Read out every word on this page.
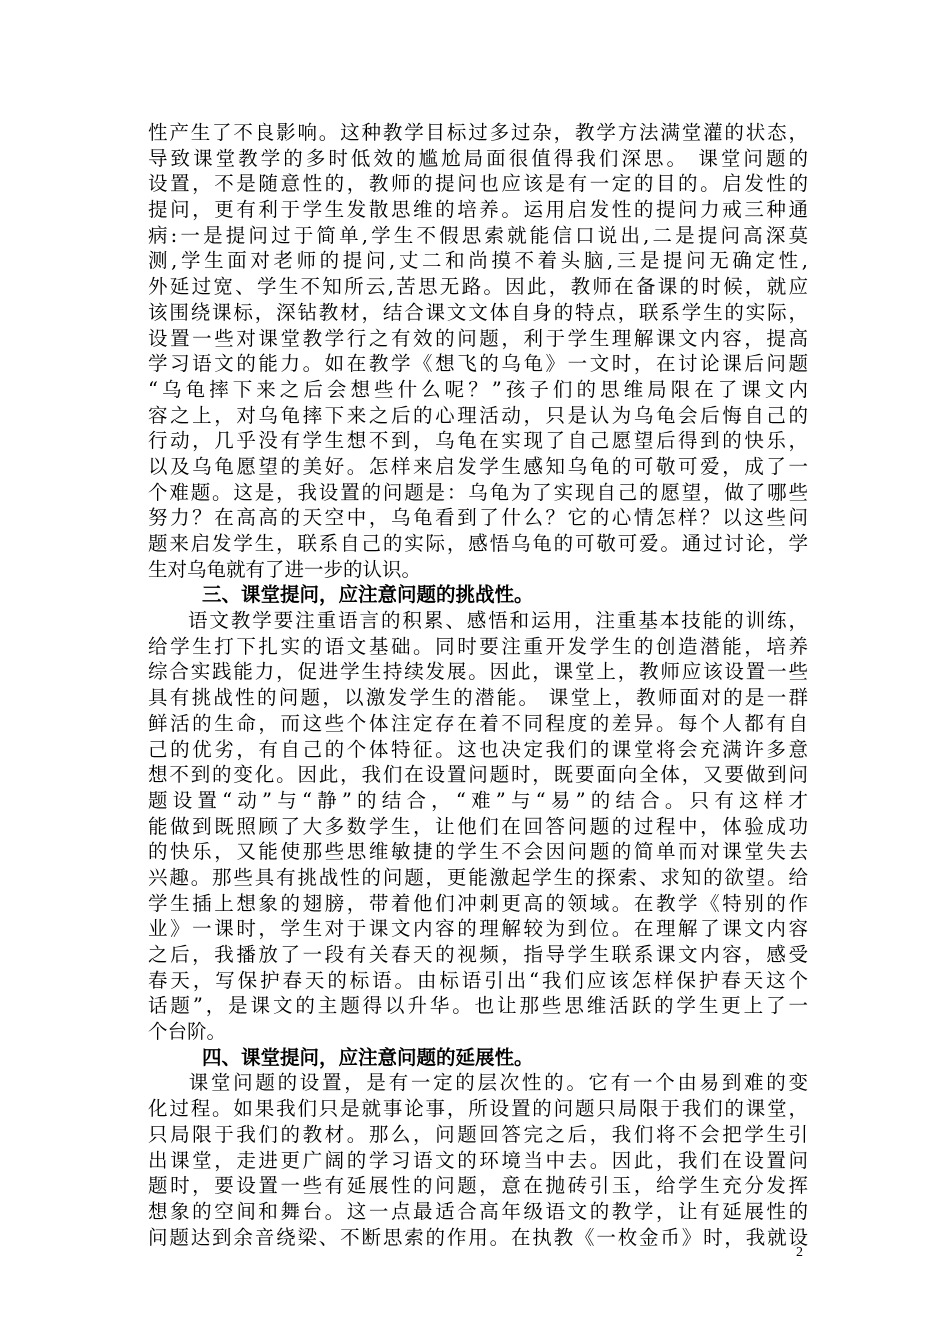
性产生了不良影响。这种教学目标过多过杂，教学方法满堂灌的状态，
导致课堂教学的多时低效的尴尬局面很值得我们深思。 课堂问题的
设置，不是随意性的，教师的提问也应该是有一定的目的。启发性的
提问，更有利于学生发散思维的培养。运用启发性的提问力戒三种通
病:一是提问过于简单,学生不假思索就能信口说出,二是提问高深莫
测,学生面对老师的提问,丈二和尚摸不着头脑,三是提问无确定性,
外延过宽、学生不知所云,苦思无路。因此，教师在备课的时候，就应
该围绕课标，深钻教材，结合课文文体自身的特点，联系学生的实际，
设置一些对课堂教学行之有效的问题，利于学生理解课文内容，提高
学习语文的能力。如在教学《想飞的乌龟》一文时，在讨论课后问题
“乌龟摔下来之后会想些什么呢？”孩子们的思维局限在了课文内
容之上，对乌龟摔下来之后的心理活动，只是认为乌龟会后悔自己的
行动，几乎没有学生想不到，乌龟在实现了自己愿望后得到的快乐，
以及乌龟愿望的美好。怎样来启发学生感知乌龟的可敬可爱，成了一
个难题。这是，我设置的问题是：乌龟为了实现自己的愿望，做了哪些
努力？在高高的天空中，乌龟看到了什么？它的心情怎样？以这些问
题来启发学生，联系自己的实际，感悟乌龟的可敬可爱。通过讨论，学
生对乌龟就有了进一步的认识。
三、课堂提问，应注意问题的挑战性。
语文教学要注重语言的积累、感悟和运用，注重基本技能的训练，
给学生打下扎实的语文基础。同时要注重开发学生的创造潜能，培养
综合实践能力，促进学生持续发展。因此，课堂上，教师应该设置一些
具有挑战性的问题，以激发学生的潜能。 课堂上，教师面对的是一群
鲜活的生命，而这些个体注定存在着不同程度的差异。每个人都有自
己的优劣，有自己的个体特征。这也决定我们的课堂将会充满许多意
想不到的变化。因此，我们在设置问题时，既要面向全体，又要做到问
题设置“动”与“静”的结合，“难”与“易”的结合。只有这样才
能做到既照顾了大多数学生，让他们在回答问题的过程中，体验成功
的快乐，又能使那些思维敏捷的学生不会因问题的简单而对课堂失去
兴趣。那些具有挑战性的问题，更能激起学生的探索、求知的欲望。给
学生插上想象的翅膀，带着他们冲刺更高的领域。在教学《特别的作
业》一课时，学生对于课文内容的理解较为到位。在理解了课文内容
之后，我播放了一段有关春天的视频，指导学生联系课文内容，感受
春天，写保护春天的标语。由标语引出“我们应该怎样保护春天这个
话题”，是课文的主题得以升华。也让那些思维活跃的学生更上了一
个台阶。
四、课堂提问，应注意问题的延展性。
课堂问题的设置，是有一定的层次性的。它有一个由易到难的变
化过程。如果我们只是就事论事，所设置的问题只局限于我们的课堂，
只局限于我们的教材。那么，问题回答完之后，我们将不会把学生引
出课堂，走进更广阔的学习语文的环境当中去。因此，我们在设置问
题时，要设置一些有延展性的问题，意在抛砖引玉，给学生充分发挥
想象的空间和舞台。这一点最适合高年级语文的教学，让有延展性的
问题达到余音绕梁、不断思索的作用。在执教《一枚金币》时，我就设
2
